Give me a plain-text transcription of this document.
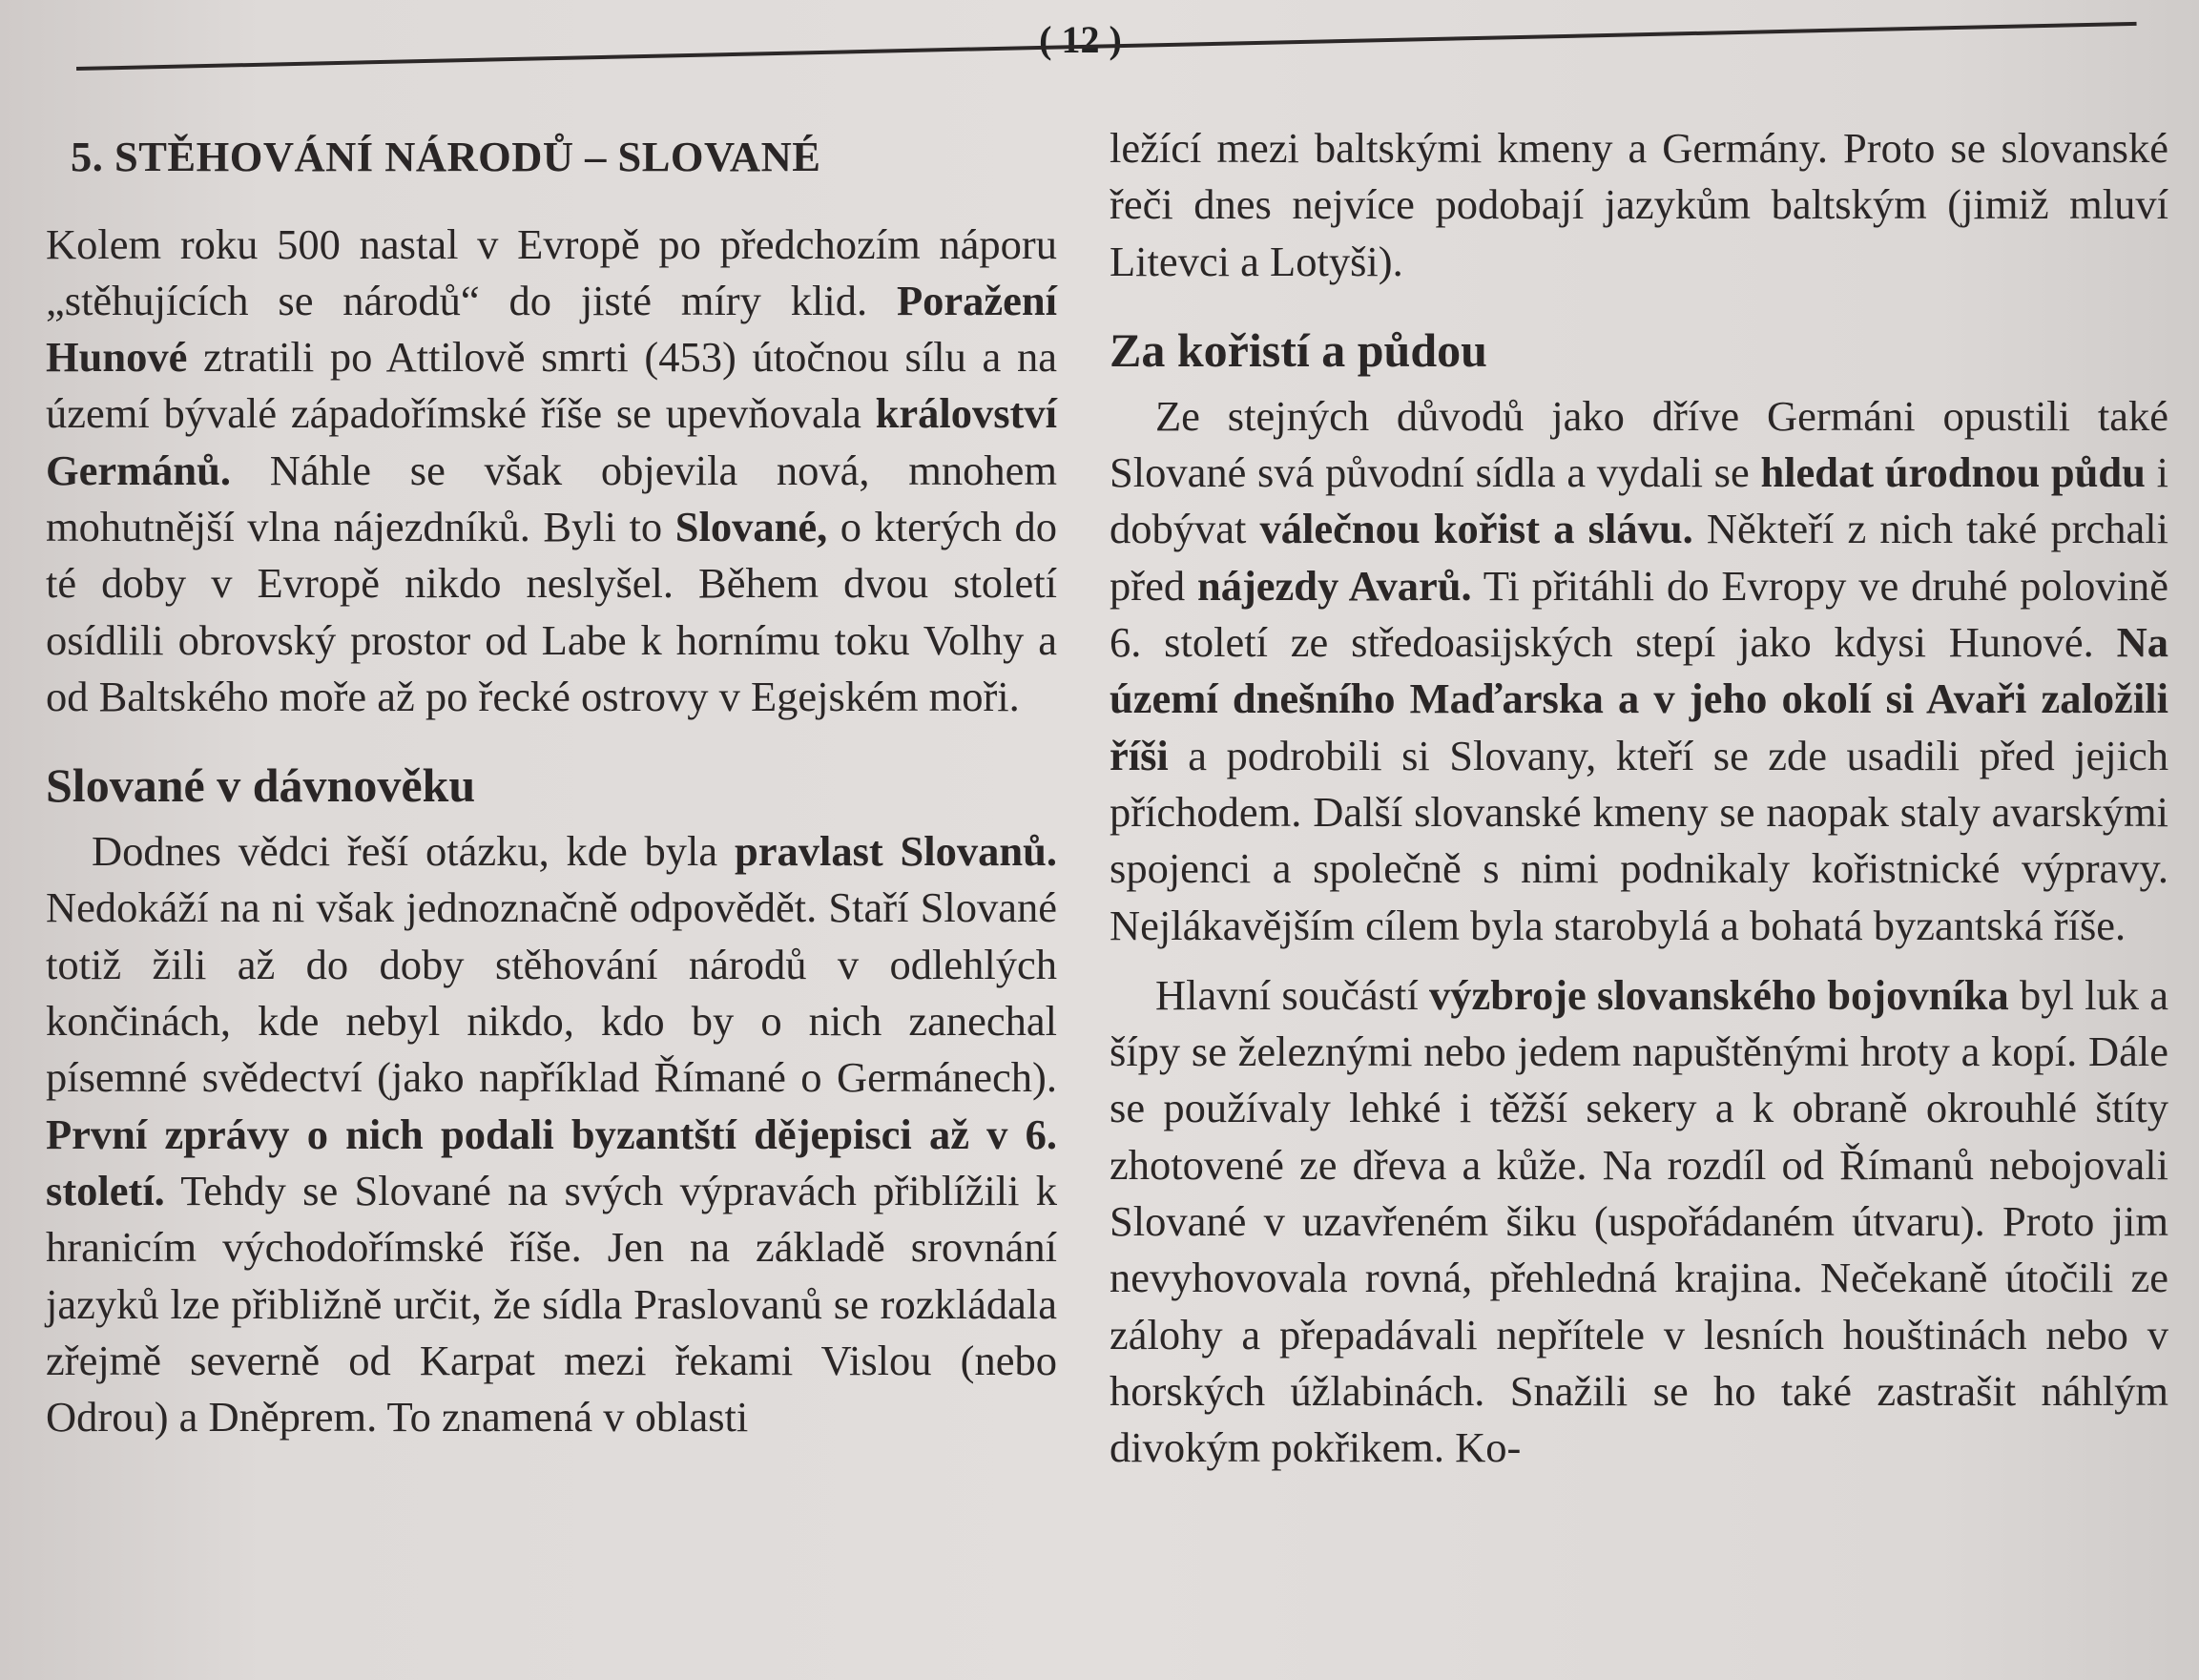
( 12 )
5. STĚHOVÁNÍ NÁRODŮ – SLOVANÉ

Kolem roku 500 nastal v Evropě po předchozím náporu „stěhujících se národů“ do jisté míry klid. Poražení Hunové ztratili po Attilově smrti (453) útočnou sílu a na území bývalé západořímské říše se upevňovala království Germánů. Náhle se však objevila nová, mnohem mohutnější vlna nájezdníků. Byli to Slované, o kterých do té doby v Evropě nikdo neslyšel. Během dvou století osídlili obrovský prostor od Labe k hornímu toku Volhy a od Baltského moře až po řecké ostrovy v Egejském moři.

Slované v dávnověku

Dodnes vědci řeší otázku, kde byla pravlast Slovanů. Nedokáží na ni však jednoznačně odpovědět. Staří Slované totiž žili až do doby stěhování národů v odlehlých končinách, kde nebyl nikdo, kdo by o nich zanechal písemné svědectví (jako například Římané o Germánech). První zprávy o nich podali byzantští dějepisci až v 6. století. Tehdy se Slované na svých výpravách přiblížili k hranicím východořímské říše. Jen na základě srovnání jazyků lze přibližně určit, že sídla Praslovanů se rozkládala zřejmě severně od Karpat mezi řekami Vislou (nebo Odrou) a Dněprem. To znamená v oblasti

ležící mezi baltskými kmeny a Germány. Proto se slovanské řeči dnes nejvíce podobají jazykům baltským (jimiž mluví Litevci a Lotyši).

Za kořistí a půdou

Ze stejných důvodů jako dříve Germáni opustili také Slované svá původní sídla a vydali se hledat úrodnou půdu i dobývat válečnou kořist a slávu. Někteří z nich také prchali před nájezdy Avarů. Ti přitáhli do Evropy ve druhé polovině 6. století ze středoasijských stepí jako kdysi Hunové. Na území dnešního Maďarska a v jeho okolí si Avaři založili říši a podrobili si Slovany, kteří se zde usadili před jejich příchodem. Další slovanské kmeny se naopak staly avarskými spojenci a společně s nimi podnikaly kořistnické výpravy. Nejlákavějším cílem byla starobylá a bohatá byzantská říše.

Hlavní součástí výzbroje slovanského bojovníka byl luk a šípy se železnými nebo jedem napuštěnými hroty a kopí. Dále se používaly lehké i těžší sekery a k obraně okrouhlé štíty zhotovené ze dřeva a kůže. Na rozdíl od Římanů nebojovali Slované v uzavřeném šiku (uspořádaném útvaru). Proto jim nevyhovovala rovná, přehledná krajina. Nečekaně útočili ze zálohy a přepadávali nepřítele v lesních houštinách nebo v horských úžlabinách. Snažili se ho také zastrašit náhlým divokým pokřikem. Ko-
